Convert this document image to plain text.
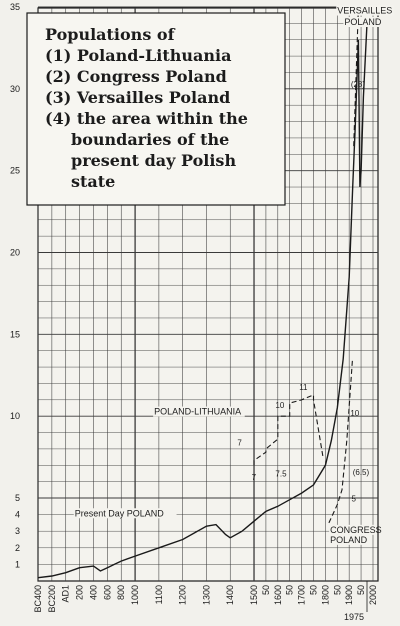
1
2
3
4
5
10
15
20
25
30
35
BC400 BC200 AD1 200 400 600 800 1000 1100 1200 1300 1400 1500 50 1600 50 1700 50 1800 50 1900 50 2000
1975
POLAND-LITHUANIA
CONGRESS
POLAND
VERSAILLES
POLAND
Present Day POLAND
(28)
7
7 7.5
10
11
10
(6.5)
5
Populations of
(1) Poland-Lithuania
(2) Congress Poland
(3) Versailles Poland
(4) the area within the
boundaries of the
present day Polish
state
